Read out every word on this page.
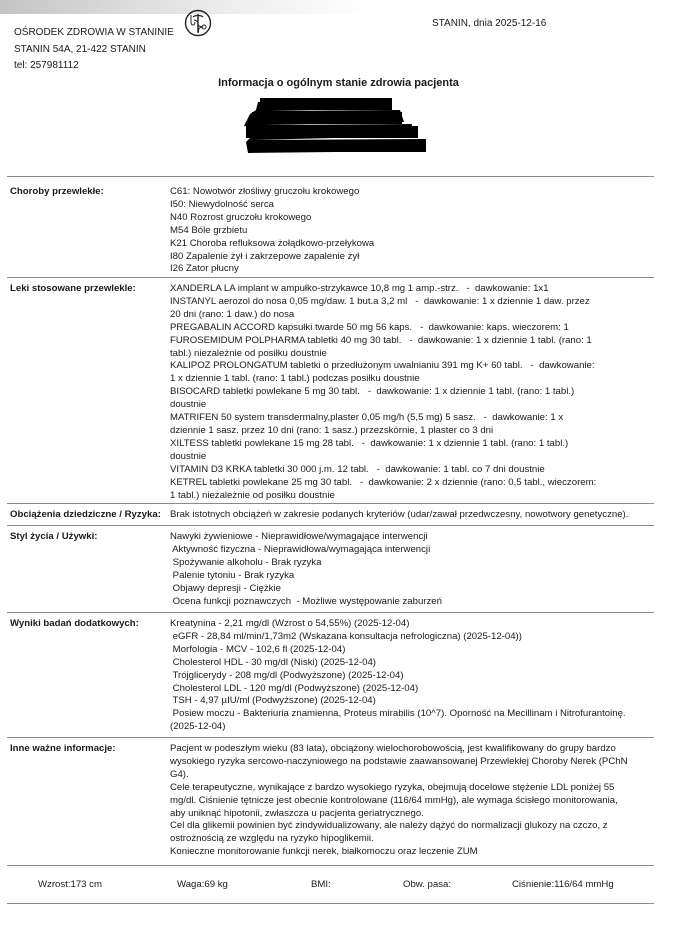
OŚRODEK ZDROWIA W STANINIE
STANIN 54A, 21-422 STANIN
tel: 257981112
STANIN, dnia 2025-12-16
Informacja o ogólnym stanie zdrowia pacjenta
Choroby przewlekłe:	C61: Nowotwór złośliwy gruczołu krokowego
I50: Niewydolność serca
N40 Rozrost gruczołu krokowego
M54 Bóle grzbietu
K21 Choroba refluksowa żołądkowo-przełykowa
I80 Zapalenie żył i zakrzepowe zapalenie żył
I26 Zator płucny
Leki stosowane przewlekle:	XANDERLA LA implant w ampułko-strzykawce 10,8 mg 1 amp.-strz.   -  dawkowanie: 1x1
INSTANYL aerozol do nosa 0,05 mg/daw. 1 but.a 3,2 ml   -  dawkowanie: 1 x dziennie 1 daw. przez
20 dni (rano: 1 daw.) do nosa
PREGABALIN ACCORD kapsułki twarde 50 mg 56 kaps.   -  dawkowanie: kaps. wieczorem: 1
FUROSEMIDUM POLPHARMA tabletki 40 mg 30 tabl.   -  dawkowanie: 1 x dziennie 1 tabl. (rano: 1
tabl.) niezależnie od posiłku doustnie
KALIPOZ PROLONGATUM tabletki o przedłużonym uwalnianiu 391 mg K+ 60 tabl.   -  dawkowanie:
1 x dziennie 1 tabl. (rano: 1 tabl.) podczas posiłku doustnie
BISOCARD tabletki powlekane 5 mg 30 tabl.   -  dawkowanie: 1 x dziennie 1 tabl. (rano: 1 tabl.)
doustnie
MATRIFEN 50 system transdermalny,plaster 0,05 mg/h (5,5 mg) 5 sasz.   -  dawkowanie: 1 x
dziennie 1 sasz. przez 10 dni (rano: 1 sasz.) przezskórnie, 1 plaster co 3 dni
XILTESS tabletki powlekane 15 mg 28 tabl.   -  dawkowanie: 1 x dziennie 1 tabl. (rano: 1 tabl.)
doustnie
VITAMIN D3 KRKA tabletki 30 000 j.m. 12 tabl.   -  dawkowanie: 1 tabl. co 7 dni doustnie
KETREL tabletki powlekane 25 mg 30 tabl.   -  dawkowanie: 2 x dziennie (rano: 0,5 tabl., wieczorem:
1 tabl.) niezależnie od posiłku doustnie
Obciążenia dziedziczne / Ryzyka: Brak istotnych obciążeń w zakresie podanych kryteriów (udar/zawał przedwczesny, nowotwory genetyczne).
Styl życia / Używki:	Nawyki żywieniowe - Nieprawidłowe/wymagające interwencji
Aktywność fizyczna - Nieprawidłowa/wymagająca interwencji
Spożywanie alkoholu - Brak ryzyka
Palenie tytoniu - Brak ryzyka
Objawy depresji - Ciężkie
Ocena funkcji poznawczych  - Możliwe występowanie zaburzeń
Wyniki badań dodatkowych:	Kreatynina - 2,21 mg/dl (Wzrost o 54,55%) (2025-12-04)
eGFR - 28,84 ml/min/1,73m2 (Wskazana konsultacja nefrologiczna) (2025-12-04))
Morfologia - MCV - 102,6 fl (2025-12-04)
Cholesterol HDL - 30 mg/dl (Niski) (2025-12-04)
Trójglicerydy - 208 mg/dl (Podwyższone) (2025-12-04)
Cholesterol LDL - 120 mg/dl (Podwyższone) (2025-12-04)
TSH - 4,97 µIU/ml (Podwyższone) (2025-12-04)
Posiew moczu - Bakteriuria znamienna, Proteus mirabilis (10^7). Oporność na Mecillinam i Nitrofurantoinę.
(2025-12-04)
Inne ważne informacje:	Pacjent w podeszłym wieku (83 lata), obciążony wielochorobowością, jest kwalifikowany do grupy bardzo
wysokiego ryzyka sercowo-naczyniowego na podstawie zaawansowanej Przewlekłej Choroby Nerek (PChN
G4).
Cele terapeutyczne, wynikające z bardzo wysokiego ryzyka, obejmują docelowe stężenie LDL poniżej 55
mg/dl. Ciśnienie tętnicze jest obecnie kontrolowane (116/64 mmHg), ale wymaga ścisłego monitorowania,
aby uniknąć hipotonii, zwłaszcza u pacjenta geriatrycznego.
Cel dla glikemii powinien być zindywidualizowany, ale należy dążyć do normalizacji glukozy na czczo, z
ostrożnością ze względu na ryzyko hipoglikemii.
Konieczne monitorowanie funkcji nerek, białkomoczu oraz leczenie ZUM
Wzrost:173 cm	Waga:69 kg	BMI:	Obw. pasa:	Ciśnienie:116/64 mmHg
